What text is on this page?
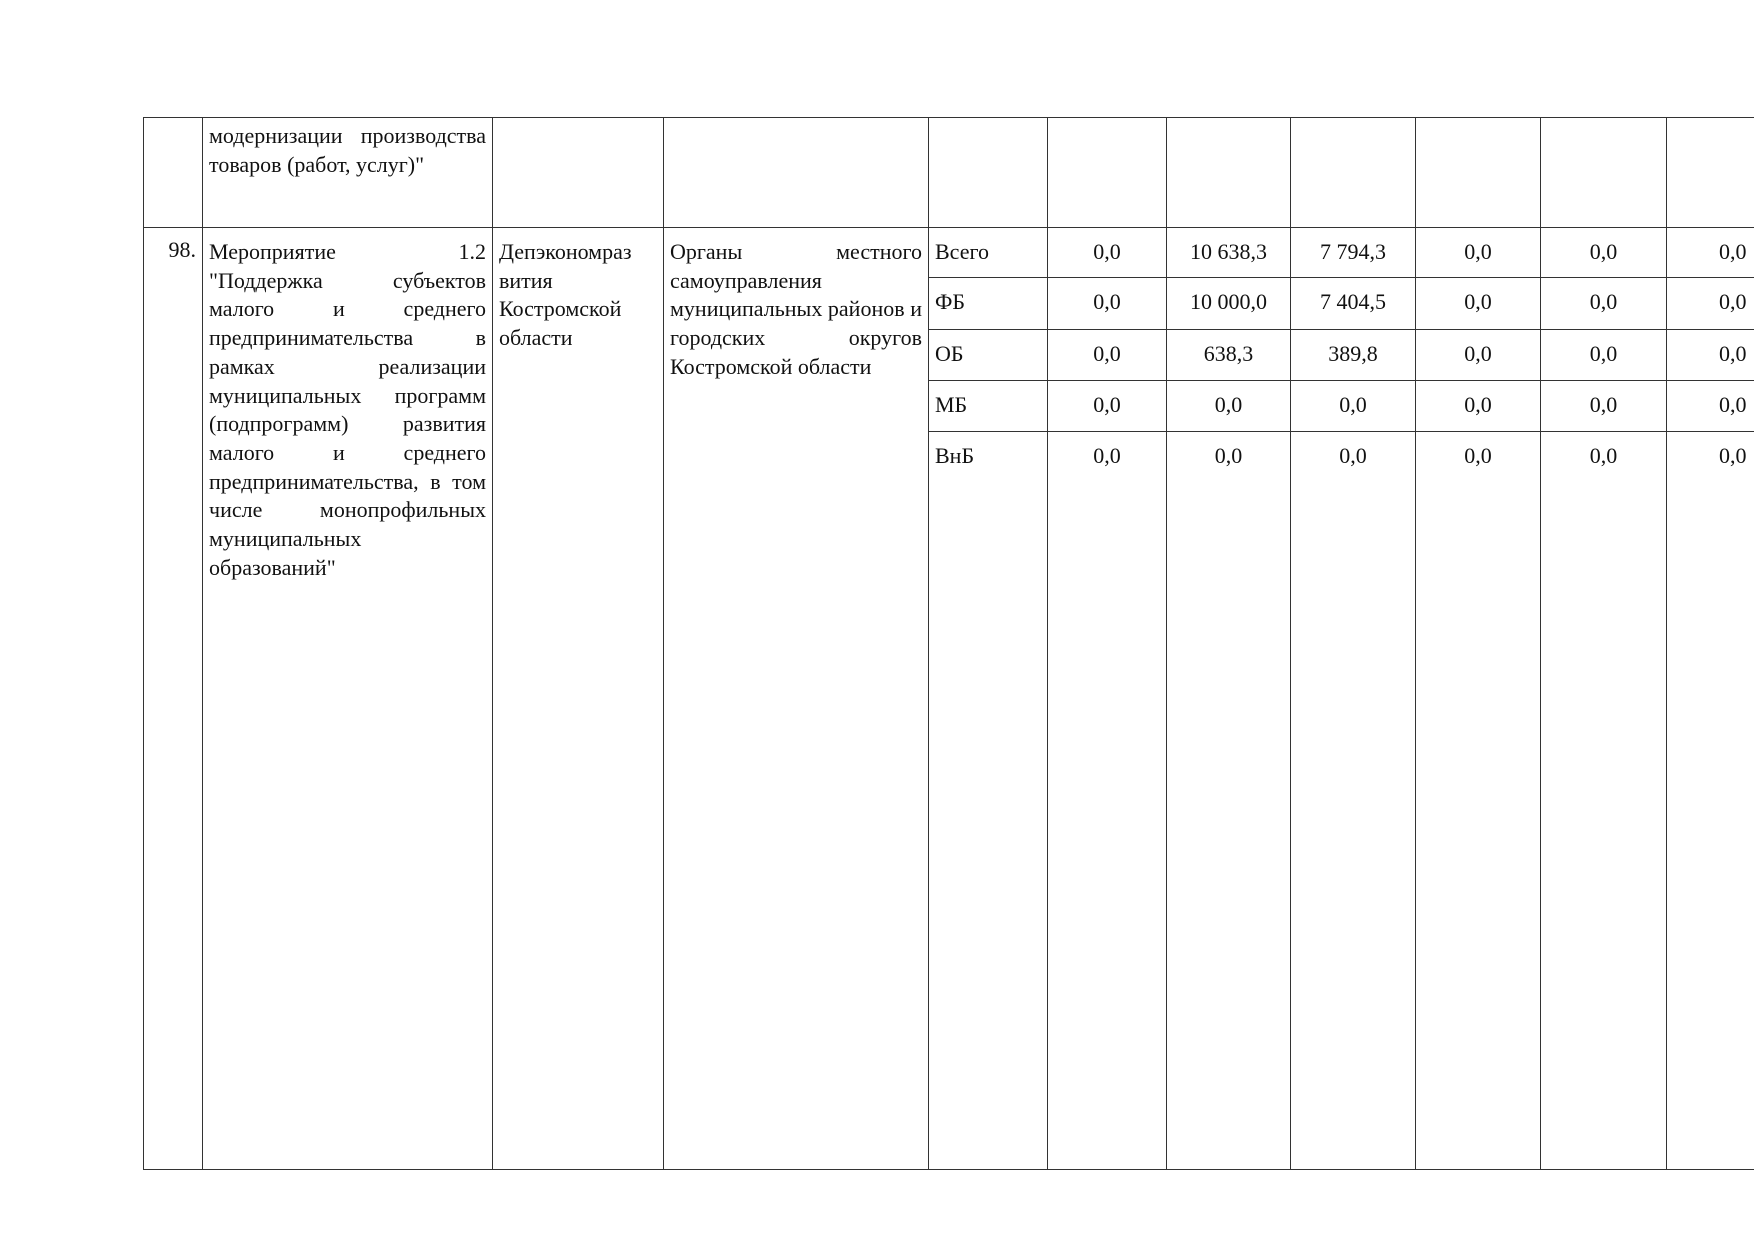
	модернизации производства товаров (работ, услуг)"									
98.	Мероприятие 1.2 "Поддержка субъектов малого и среднего предпринимательства в рамках реализации муниципальных программ (подпрограмм) развития малого и среднего предпринимательства, в том числе монопрофильных муниципальных образований"	Депэкономраз вития Костромской области	Органы местного самоуправления муниципальных районов и городских округов Костромской области	Всего	0,0	10 638,3	7 794,3	0,0	0,0	0,0
				ФБ	0,0	10 000,0	7 404,5	0,0	0,0	0,0
				ОБ	0,0	638,3	389,8	0,0	0,0	0,0
				МБ	0,0	0,0	0,0	0,0	0,0	0,0
				ВнБ	0,0	0,0	0,0	0,0	0,0	0,0
